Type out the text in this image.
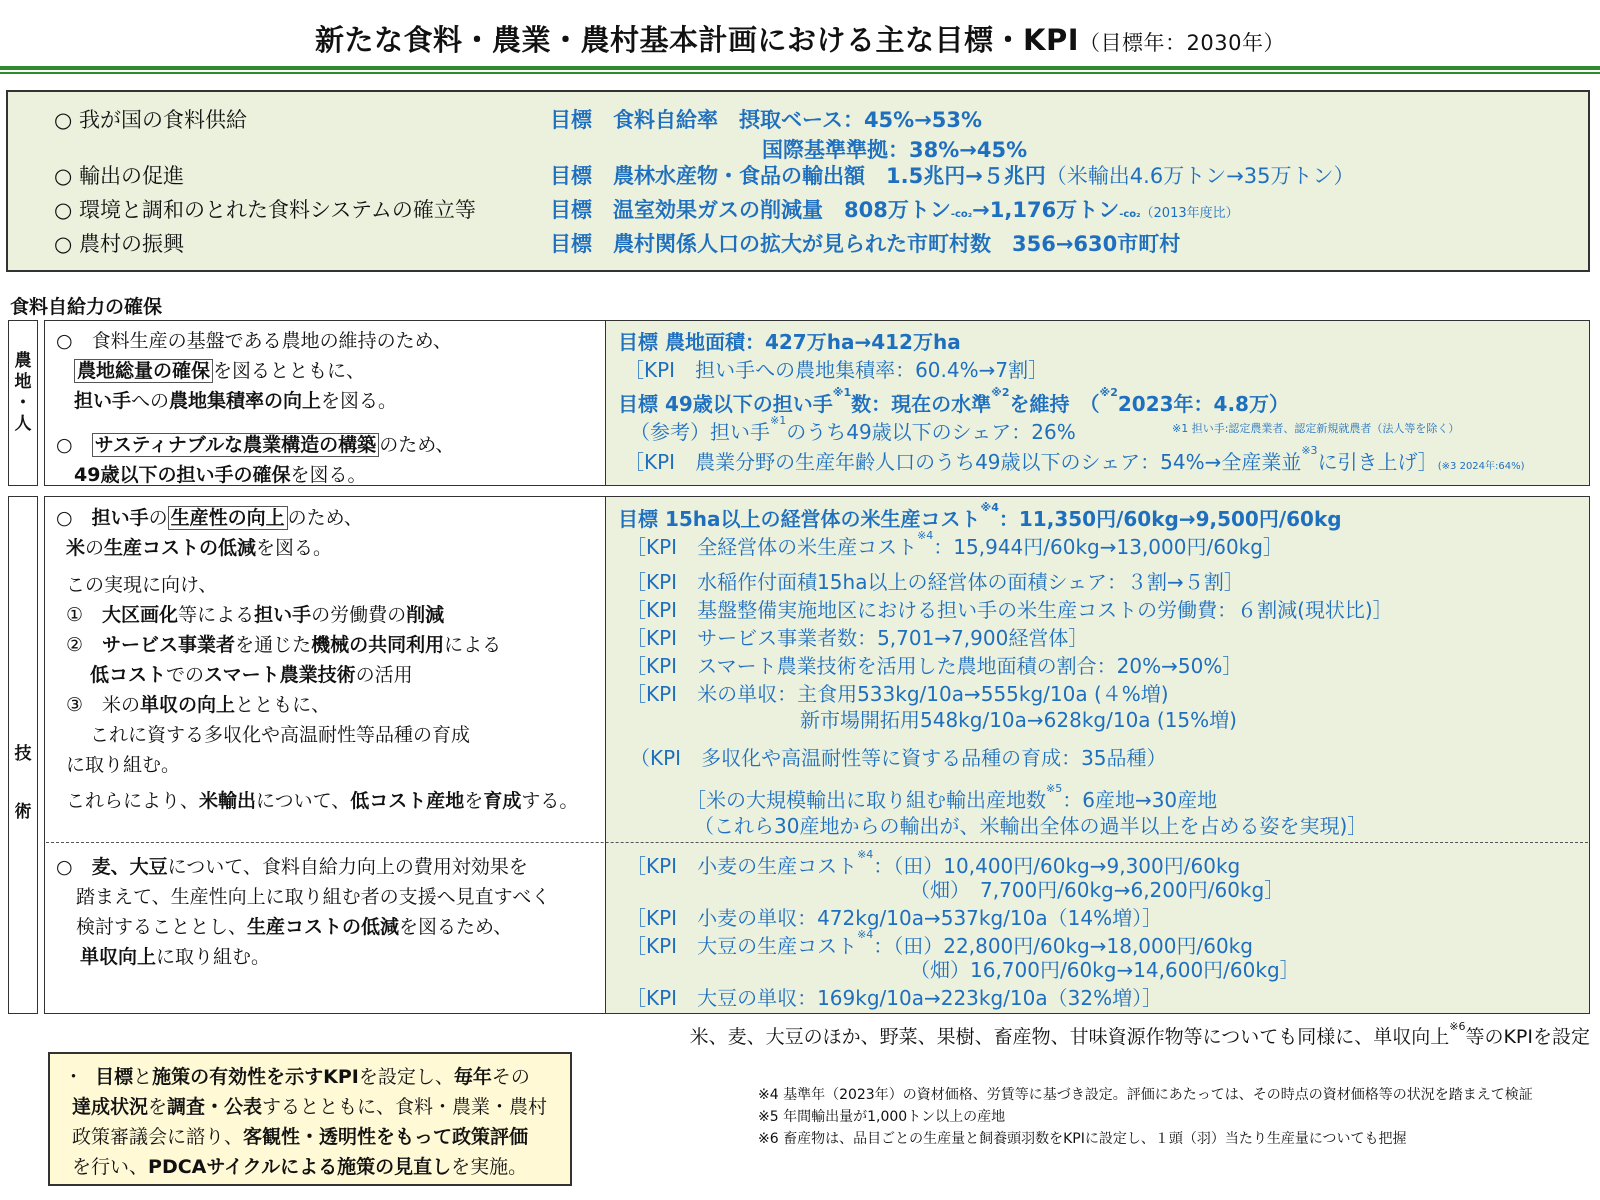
新たな食料・農業・農村基本計画における主な目標・KPI（目標年：2030年）
○ 我が国の食料供給	目標　食料自給率　摂取ベース：45%→53%
国際基準準拠：38%→45%
○ 輸出の促進	目標　農林水産物・食品の輸出額　1.5兆円→５兆円（米輸出4.6万トン→35万トン）
○ 環境と調和のとれた食料システムの確立等	目標　温室効果ガスの削減量　808万トン-co₂→1,176万トン-co₂（2013年度比）
○ 農村の振興	目標　農村関係人口の拡大が見られた市町村数　356→630市町村
食料自給力の確保
農
地
・
人
○　食料生産の基盤である農地の維持のため、
農地総量の確保 を図るとともに、
担い手への農地集積率の向上を図る。
○　サスティナブルな農業構造の構築 のため、
49歳以下の担い手の確保を図る。
目標 農地面積：427万ha→412万ha
［KPI　担い手への農地集積率：60.4%→7割］
目標 49歳以下の担い手$^{※1}$数：現在の水準$^{※2}$を維持　（$^{※2}$2023年：4.8万）
（参考）担い手$^{※1}$のうち49歳以下のシェア：26%	※1 担い手:認定農業者、認定新規就農者（法人等を除く）
［KPI　農業分野の生産年齢人口のうち49歳以下のシェア：54%→全産業並$^{※3}$に引き上げ］(※3 2024年:64%)
技
術
○　担い手の 生産性の向上 のため、
米の生産コストの低減を図る。
この実現に向け、
①　大区画化等による担い手の労働費の削減
②　サービス事業者を通じた機械の共同利用による
低コストでのスマート農業技術の活用
③　米の単収の向上とともに、
これに資する多収化や高温耐性等品種の育成
に取り組む。
これらにより、米輸出について、低コスト産地を育成する。
目標 15ha以上の経営体の米生産コスト$^{※4}$：11,350円/60kg→9,500円/60kg
［KPI　全経営体の米生産コスト$^{※4}$：15,944円/60kg→13,000円/60kg］
［KPI　水稲作付面積15ha以上の経営体の面積シェア：３割→５割］
［KPI　基盤整備実施地区における担い手の米生産コストの労働費：６割減(現状比)］
［KPI　サービス事業者数：5,701→7,900経営体］
［KPI　スマート農業技術を活用した農地面積の割合：20%→50%］
［KPI　米の単収：主食用533kg/10a→555kg/10a (４%増)
新市場開拓用548kg/10a→628kg/10a (15%増)
（KPI　多収化や高温耐性等に資する品種の育成：35品種）
［米の大規模輸出に取り組む輸出産地数$^{※5}$：6産地→30産地
（これら30産地からの輸出が、米輸出全体の過半以上を占める姿を実現)］
○　麦、大豆について、食料自給力向上の費用対効果を
踏まえて、生産性向上に取り組む者の支援へ見直すべく
検討することとし、生産コストの低減を図るため、
単収向上に取り組む。
［KPI　小麦の生産コスト$^{※4}$：（田）10,400円/60kg→9,300円/60kg
（畑）　7,700円/60kg→6,200円/60kg］
［KPI　小麦の単収：472kg/10a→537kg/10a（14%増）］
［KPI　大豆の生産コスト$^{※4}$：（田）22,800円/60kg→18,000円/60kg
（畑）16,700円/60kg→14,600円/60kg］
［KPI　大豆の単収：169kg/10a→223kg/10a（32%増）］
米、麦、大豆のほか、野菜、果樹、畜産物、甘味資源作物等についても同様に、単収向上$^{※6}$等のKPIを設定
・ 目標と施策の有効性を示すKPIを設定し、毎年その
達成状況を調査・公表するとともに、食料・農業・農村
政策審議会に諮り、客観性・透明性をもって政策評価
を行い、PDCAサイクルによる施策の見直しを実施。
※4 基準年（2023年）の資材価格、労賃等に基づき設定。評価にあたっては、その時点の資材価格等の状況を踏まえて検証
※5 年間輸出量が1,000トン以上の産地
※6 畜産物は、品目ごとの生産量と飼養頭羽数をKPIに設定し、１頭（羽）当たり生産量についても把握
